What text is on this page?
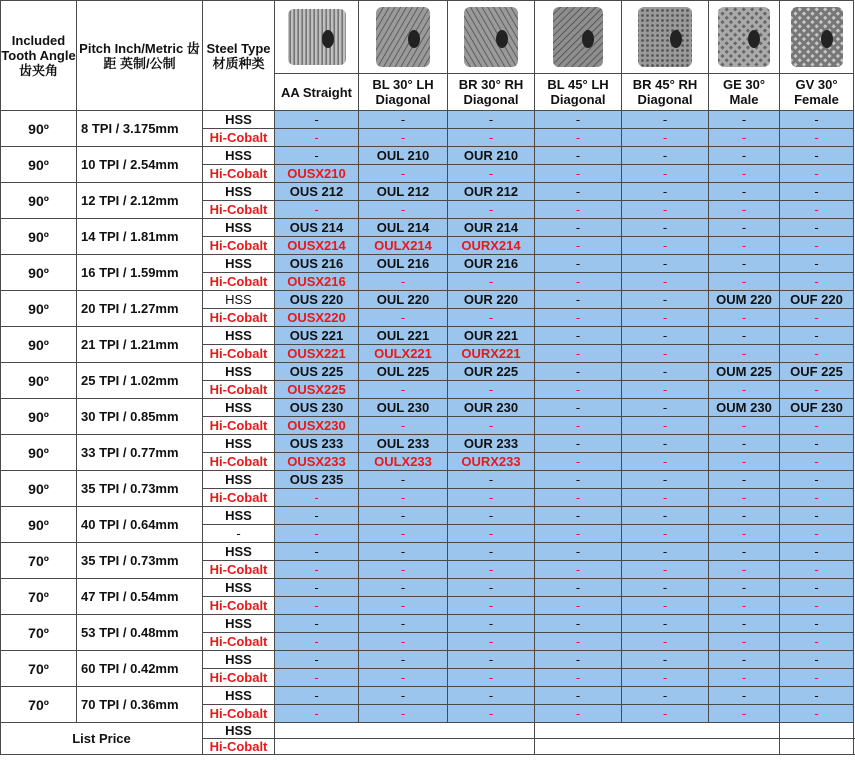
Included Tooth Angle 齿夹角	Pitch Inch/Metric 齿距 英制/公制	Steel Type 材质种类	

			AA Straight	BL 30° LH Diagonal	BR 30° RH Diagonal	BL 45° LH Diagonal	BR 45° RH Diagonal	GE 30° Male	GV 30° Female
90º	8 TPI / 3.175mm	HSS	-	-	-	-	-	-	-
		Hi-Cobalt	-	-	-	-	-	-	-
90º	10 TPI / 2.54mm	HSS	-	OUL 210	OUR 210	-	-	-	-
		Hi-Cobalt	OUSX210	-	-	-	-	-	-
90º	12 TPI / 2.12mm	HSS	OUS 212	OUL 212	OUR 212	-	-	-	-
		Hi-Cobalt	-	-	-	-	-	-	-
90º	14 TPI / 1.81mm	HSS	OUS 214	OUL 214	OUR 214	-	-	-	-
		Hi-Cobalt	OUSX214	OULX214	OURX214	-	-	-	-
90º	16 TPI / 1.59mm	HSS	OUS 216	OUL 216	OUR 216	-	-	-	-
		Hi-Cobalt	OUSX216	-	-	-	-	-	-
90º	20 TPI / 1.27mm	HSS	OUS 220	OUL 220	OUR 220	-	-	OUM 220	OUF 220
		Hi-Cobalt	OUSX220	-	-	-	-	-	-
90º	21 TPI / 1.21mm	HSS	OUS 221	OUL 221	OUR 221	-	-	-	-
		Hi-Cobalt	OUSX221	OULX221	OURX221	-	-	-	-
90º	25 TPI / 1.02mm	HSS	OUS 225	OUL 225	OUR 225	-	-	OUM 225	OUF 225
		Hi-Cobalt	OUSX225	-	-	-	-	-	-
90º	30 TPI / 0.85mm	HSS	OUS 230	OUL 230	OUR 230	-	-	OUM 230	OUF 230
		Hi-Cobalt	OUSX230	-	-	-	-	-	-
90º	33 TPI / 0.77mm	HSS	OUS 233	OUL 233	OUR 233	-	-	-	-
		Hi-Cobalt	OUSX233	OULX233	OURX233	-	-	-	-
90º	35 TPI / 0.73mm	HSS	OUS 235	-	-	-	-	-	-
		Hi-Cobalt	-	-	-	-	-	-	-
90º	40 TPI / 0.64mm	HSS	-	-	-	-	-	-	-
		-	-	-	-	-	-	-	-
70º	35 TPI / 0.73mm	HSS	-	-	-	-	-	-	-
		Hi-Cobalt	-	-	-	-	-	-	-
70º	47 TPI / 0.54mm	HSS	-	-	-	-	-	-	-
		Hi-Cobalt	-	-	-	-	-	-	-
70º	53 TPI / 0.48mm	HSS	-	-	-	-	-	-	-
		Hi-Cobalt	-	-	-	-	-	-	-
70º	60 TPI / 0.42mm	HSS	-	-	-	-	-	-	-
		Hi-Cobalt	-	-	-	-	-	-	-
70º	70 TPI / 0.36mm	HSS	-	-	-	-	-	-	-
		Hi-Cobalt	-	-	-	-	-	-	-
List Price		HSS							
		Hi-Cobalt							
